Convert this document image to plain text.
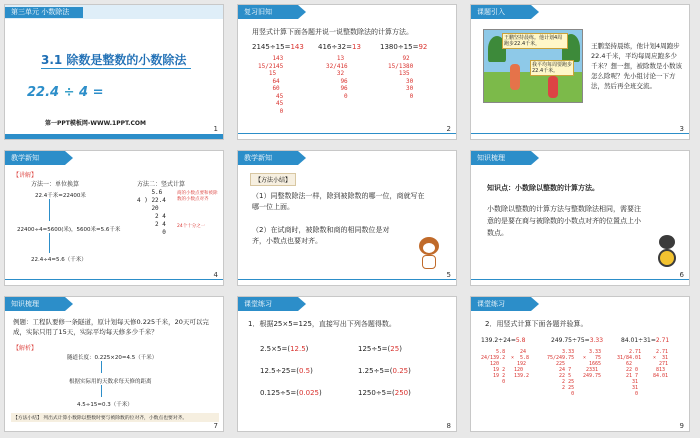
第三单元 小数除法
3.1 除数是整数的小数除法
22.4 ÷ 4 =
第一PPT模板网-WWW.1PPT.COM
1
复习旧知
用竖式计算下面各题并说一说整数除法的计算方法。
2145÷15=143 416÷32=13	1380÷15=92
143
15/2145
15
64
60
45
45
0
13
32/416
32
96
96
0
92
15/1380
135
30
30
0
2
课题引入
王鹏坚持晨练。他计划4周跑步22.4千米，
我平均每周要跑步22.4千米。
王鹏坚持晨练，他计划4周跑步22.4千米，平均每周应跑多少千米？想一想，被除数是小数该怎么除呢？先小组讨论一下方法，然后再全班交流。
3
教学新知
【讲解】
方法一：单位换算	方法二：竖式计算
22.4千米=22400米
22400÷4=5600(米)，5600米=5.6千米
22.4÷4=5.6（千米）
5.6
4 ) 22.4
20
2 4
2 4
0
商的小数点要和被除数的小数点对齐
24个十分之一
4
教学新知
【方法小结】
（1）同整数除法一样，除到被除数的哪一位，商就写在哪一位上面。
（2）在试商时，被除数和商的相同数位是对齐，小数点也要对齐。
5
知识梳理
知识点：小数除以整数的计算方法。
小数除以整数的计算方法与整数除法相同，需要注意的是要在商与被除数的小数点对齐的位置点上小数点。
6
知识梳理
例题：工程队要修一条隧道，原计划每天修0.225千米，20天可以完成，实际只用了15天，实际平均每天修多少千米？
【解析】
隧道长度：0.225×20=4.5（千米）
根据实际用的天数求每天修的距离
4.5÷15=0.3（千米）
【方法小结】 列出式计算小数除以整数时要与被除数的位对齐，小数点也要对齐。
7
课堂练习
1．根据25×5=125，直接写出下列各题得数。
2.5×5=(12.5)	125÷5=(25)
12.5÷25=(0.5)	1.25÷5=(0.25)
0.125÷5=(0.025)	1250÷5=(250)
8
课堂练习
2．用竖式计算下面各题并验算。
139.2÷24=5.8	249.75÷75=3.33	84.01÷31=2.71
5.8
24/139.2
120
19 2
19 2
0
24
×  5.8
192
120
139.2
3.33
75/249.75
225
24 7
22 5
2 25
2 25
0
3.33
×   75
1665
2331
249.75
2.71
31/84.01
62
22 0
21 7
31
31
0
2.71
×  31
271
813
84.01
9
